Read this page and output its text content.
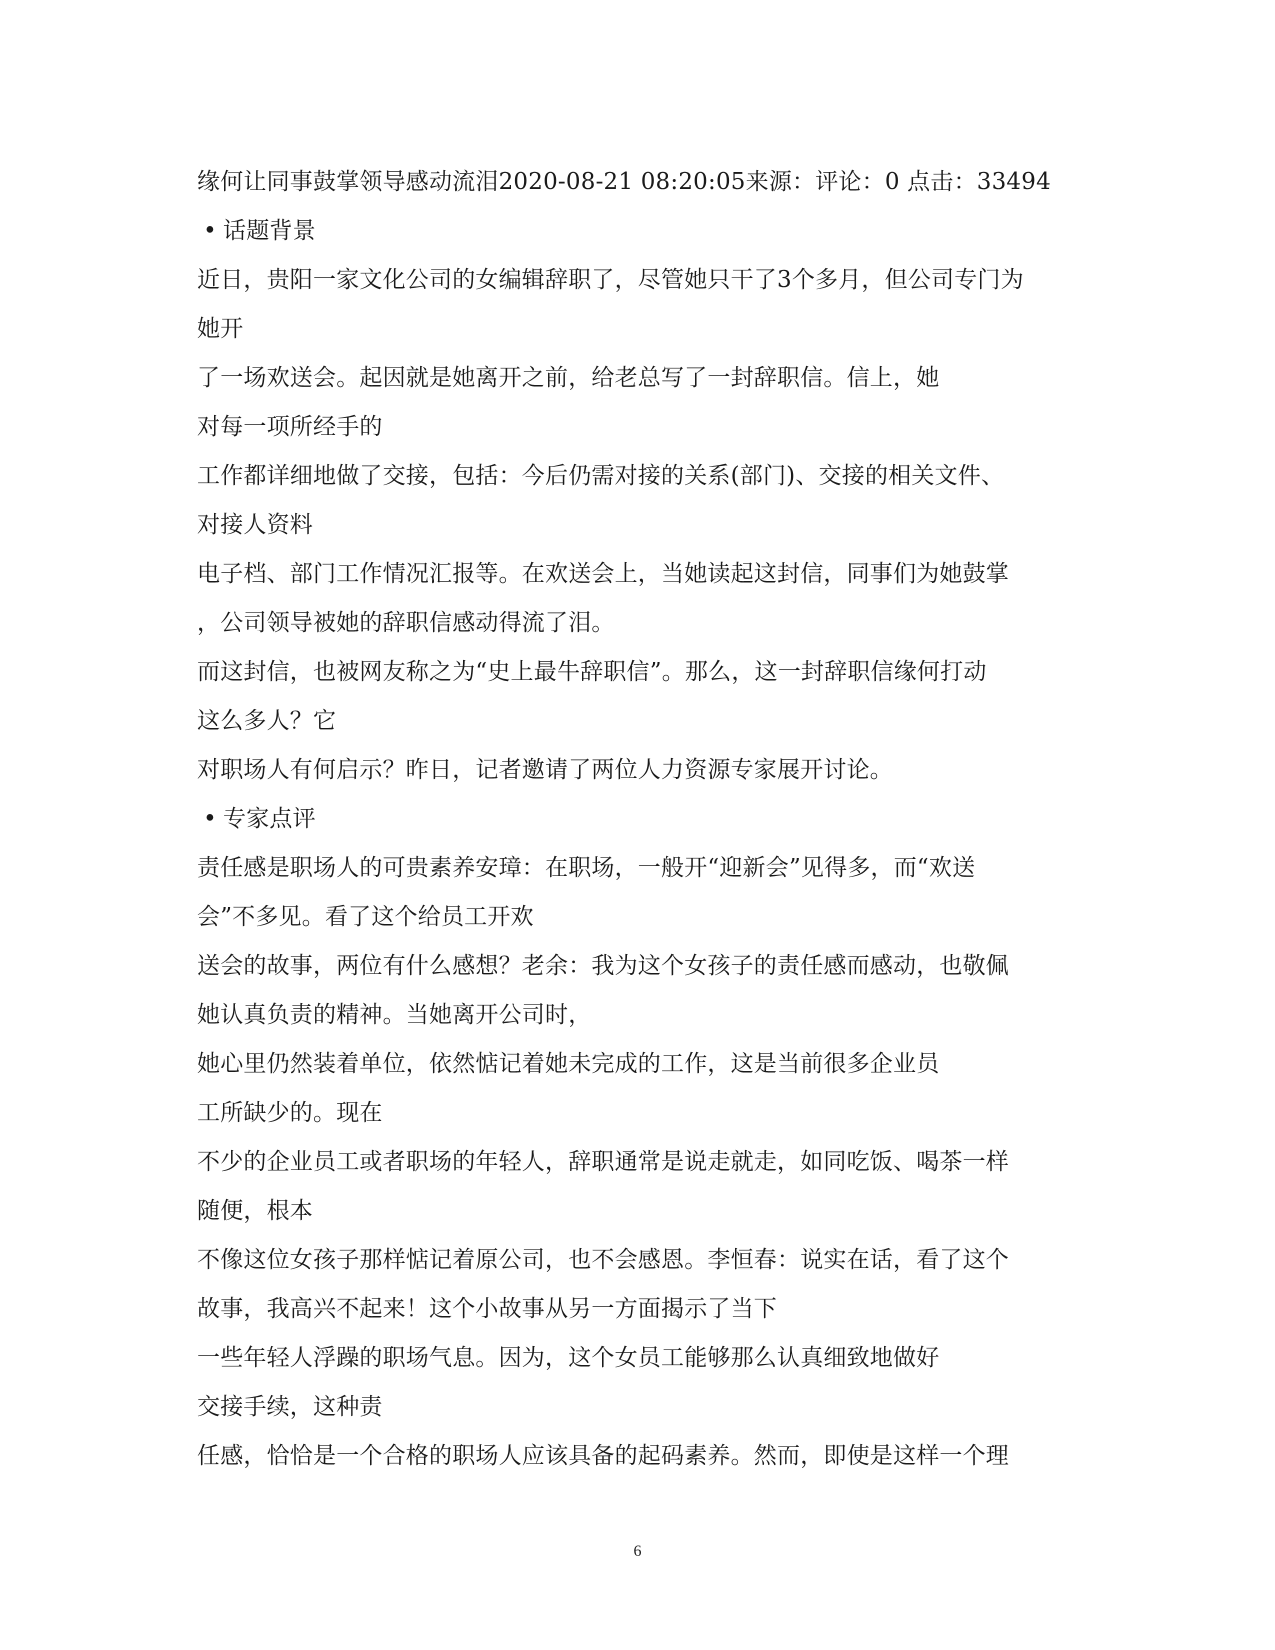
缘何让同事鼓掌领导感动流泪2020-08-21 08:20:05来源：评论：0 点击：33494
• 话题背景
近日，贵阳一家文化公司的女编辑辞职了，尽管她只干了3个多月，但公司专门为
她开
了一场欢送会。起因就是她离开之前，给老总写了一封辞职信。信上，她
对每一项所经手的
工作都详细地做了交接，包括：今后仍需对接的关系(部门)、交接的相关文件、
对接人资料
电子档、部门工作情况汇报等。在欢送会上，当她读起这封信，同事们为她鼓掌
，公司领导被她的辞职信感动得流了泪。
而这封信，也被网友称之为“史上最牛辞职信”。那么，这一封辞职信缘何打动
这么多人？它
对职场人有何启示？昨日，记者邀请了两位人力资源专家展开讨论。
• 专家点评
责任感是职场人的可贵素养安璋：在职场，一般开“迎新会”见得多，而“欢送
会”不多见。看了这个给员工开欢
送会的故事，两位有什么感想？老余：我为这个女孩子的责任感而感动，也敬佩
她认真负责的精神。当她离开公司时，
她心里仍然装着单位，依然惦记着她未完成的工作，这是当前很多企业员
工所缺少的。现在
不少的企业员工或者职场的年轻人，辞职通常是说走就走，如同吃饭、喝茶一样
随便，根本
不像这位女孩子那样惦记着原公司，也不会感恩。李恒春：说实在话，看了这个
故事，我高兴不起来！这个小故事从另一方面揭示了当下
一些年轻人浮躁的职场气息。因为，这个女员工能够那么认真细致地做好
交接手续，这种责
任感，恰恰是一个合格的职场人应该具备的起码素养。然而，即使是这样一个理
6
